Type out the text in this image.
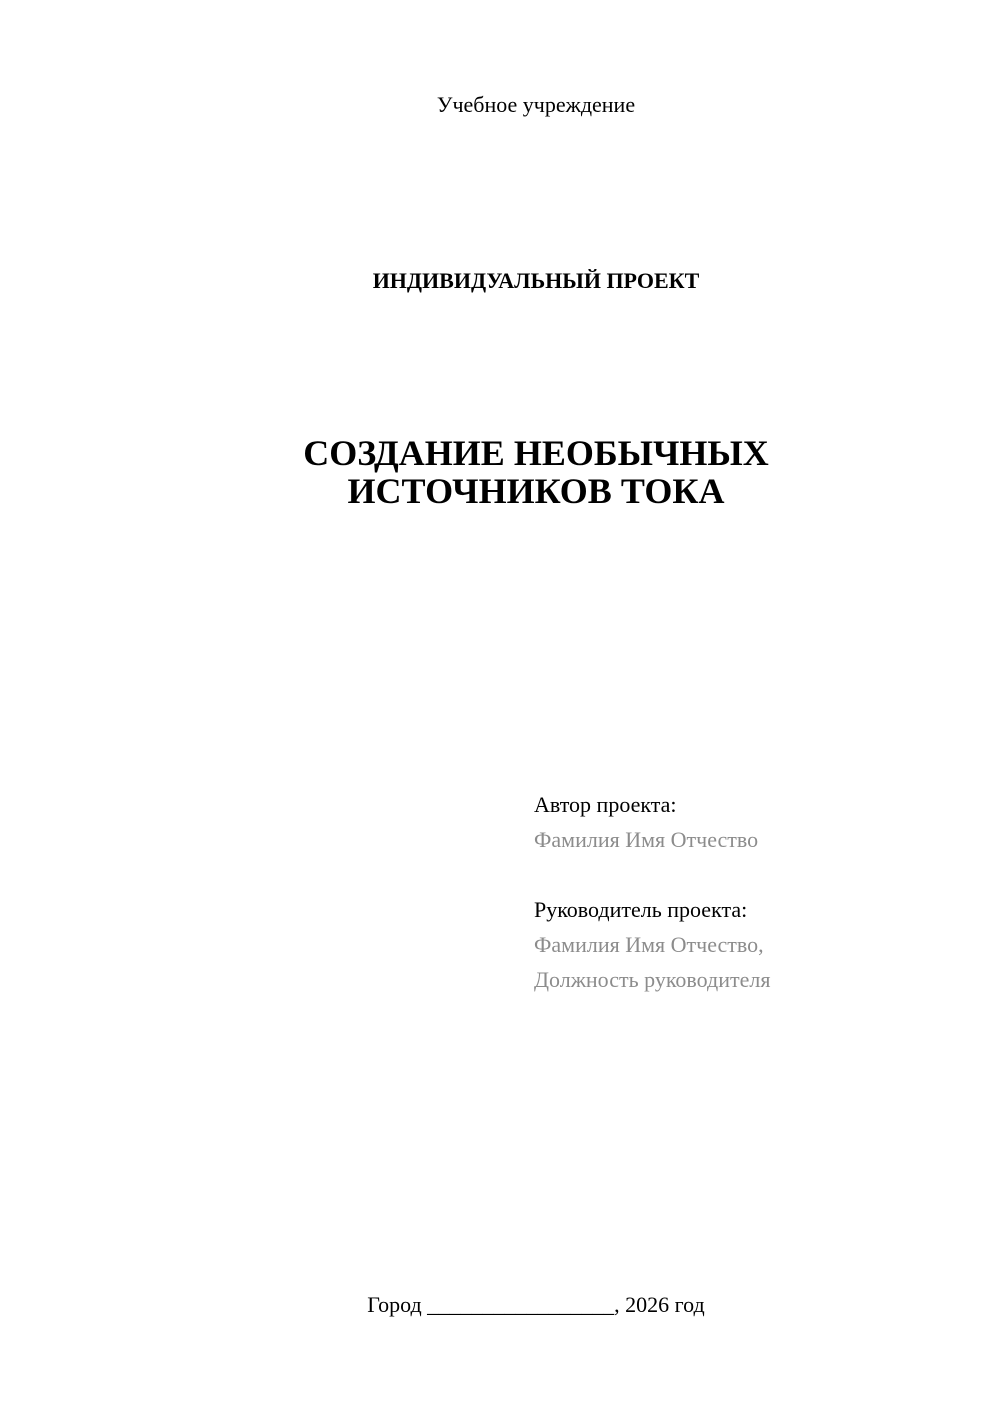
Учебное учреждение
ИНДИВИДУАЛЬНЫЙ ПРОЕКТ
СОЗДАНИЕ НЕОБЫЧНЫХ
ИСТОЧНИКОВ ТОКА
Автор проекта:
Фамилия Имя Отчество
Руководитель проекта:
Фамилия Имя Отчество,
Должность руководителя
Город _________________, 2026 год
